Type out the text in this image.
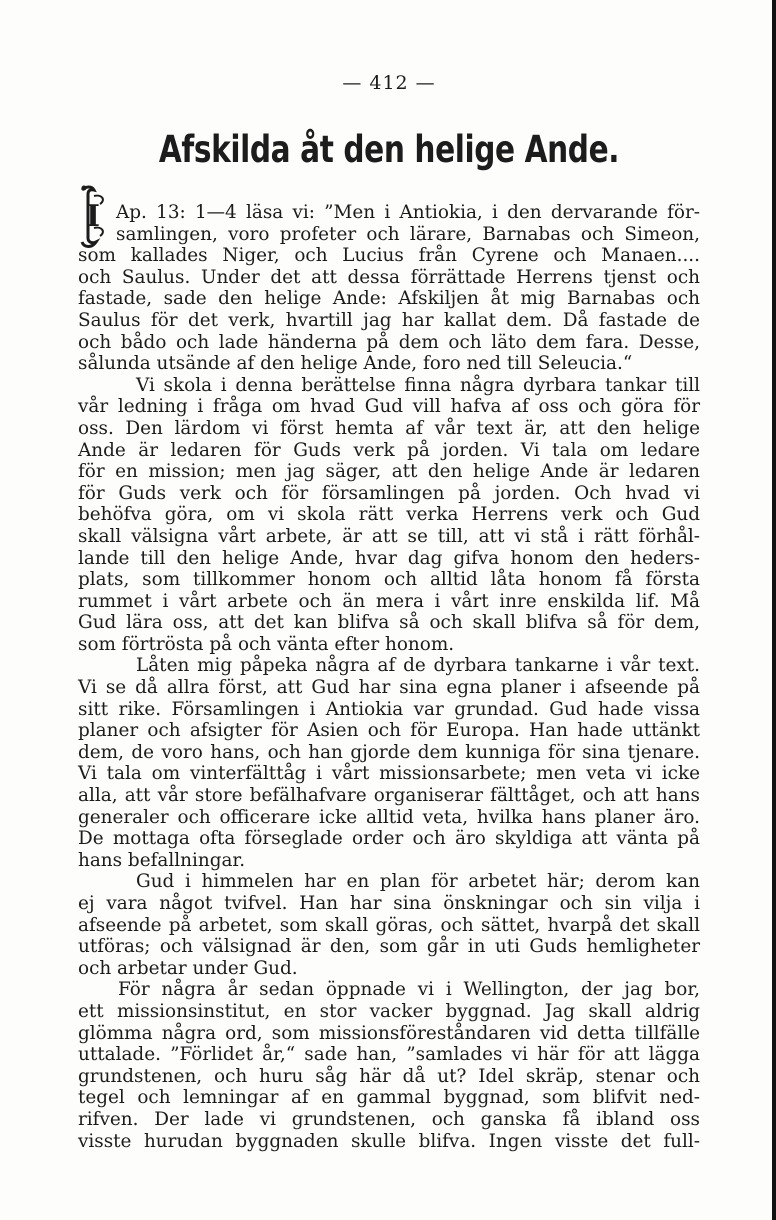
— 412 —
Afskilda åt den helige Ande.
I Ap. 13: 1—4 läsa vi: ”Men i Antiokia, i den dervarande för-
samlingen, voro profeter och lärare, Barnabas och Simeon,
som kallades Niger, och Lucius från Cyrene och Manaen....
och Saulus. Under det att dessa förrättade Herrens tjenst och
fastade, sade den helige Ande: Afskiljen åt mig Barnabas och
Saulus för det verk, hvartill jag har kallat dem. Då fastade de
och bådo och lade händerna på dem och läto dem fara. Desse,
sålunda utsände af den helige Ande, foro ned till Seleucia.“
Vi skola i denna berättelse finna några dyrbara tankar till
vår ledning i fråga om hvad Gud vill hafva af oss och göra för
oss. Den lärdom vi först hemta af vår text är, att den helige
Ande är ledaren för Guds verk på jorden. Vi tala om ledare
för en mission; men jag säger, att den helige Ande är ledaren
för Guds verk och för församlingen på jorden. Och hvad vi
behöfva göra, om vi skola rätt verka Herrens verk och Gud
skall välsigna vårt arbete, är att se till, att vi stå i rätt förhål-
lande till den helige Ande, hvar dag gifva honom den heders-
plats, som tillkommer honom och alltid låta honom få första
rummet i vårt arbete och än mera i vårt inre enskilda lif. Må
Gud lära oss, att det kan blifva så och skall blifva så för dem,
som förtrösta på och vänta efter honom.
Låten mig påpeka några af de dyrbara tankarne i vår text.
Vi se då allra först, att Gud har sina egna planer i afseende på
sitt rike. Församlingen i Antiokia var grundad. Gud hade vissa
planer och afsigter för Asien och för Europa. Han hade uttänkt
dem, de voro hans, och han gjorde dem kunniga för sina tjenare.
Vi tala om vinterfälttåg i vårt missionsarbete; men veta vi icke
alla, att vår store befälhafvare organiserar fälttåget, och att hans
generaler och officerare icke alltid veta, hvilka hans planer äro.
De mottaga ofta förseglade order och äro skyldiga att vänta på
hans befallningar.
Gud i himmelen har en plan för arbetet här; derom kan
ej vara något tvifvel. Han har sina önskningar och sin vilja i
afseende på arbetet, som skall göras, och sättet, hvarpå det skall
utföras; och välsignad är den, som går in uti Guds hemligheter
och arbetar under Gud.
För några år sedan öppnade vi i Wellington, der jag bor,
ett missionsinstitut, en stor vacker byggnad. Jag skall aldrig
glömma några ord, som missionsföreståndaren vid detta tillfälle
uttalade. ”Förlidet år,“ sade han, ”samlades vi här för att lägga
grundstenen, och huru såg här då ut? Idel skräp, stenar och
tegel och lemningar af en gammal byggnad, som blifvit ned-
rifven. Der lade vi grundstenen, och ganska få ibland oss
visste hurudan byggnaden skulle blifva. Ingen visste det full-
